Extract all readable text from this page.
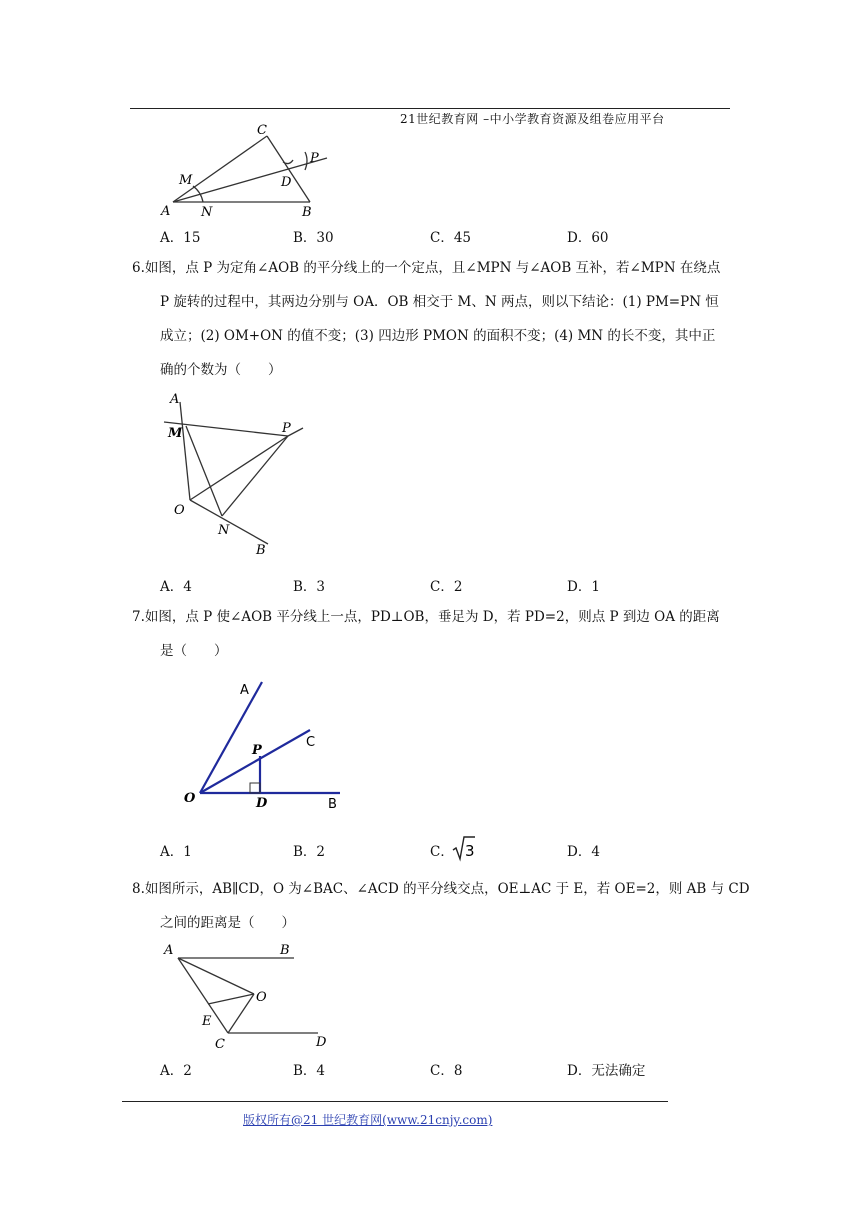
21世纪教育网 –中小学教育资源及组卷应用平台
C
M	D
P
A N	B
A．15	B．30	C．45	D．60
6.如图，点 P 为定角∠AOB 的平分线上的一个定点，且∠MPN 与∠AOB 互补，若∠MPN 在绕点
P 旋转的过程中，其两边分别与 OA．OB 相交于 M、N 两点，则以下结论：(1) PM=PN 恒
成立；(2) OM+ON 的值不变；(3) 四边形 PMON 的面积不变；(4) MN 的长不变，其中正
确的个数为（　　）
A
M	P
O
N
B
A．4	B．3	C．2	D．1
7.如图，点 P 使∠AOB 平分线上一点，PD⊥OB，垂足为 D，若 PD=2，则点 P 到边 OA 的距离
是（　　）
A
C
P
O	D	B
A．1	B．2	C． 3	D．4
8.如图所示，AB∥CD，O 为∠BAC、∠ACD 的平分线交点，OE⊥AC 于 E，若 OE=2，则 AB 与 CD
之间的距离是（　　）
A	B
O
E
C	D
A．2	B．4	C．8	D．无法确定
版权所有@21 世纪教育网(www.21cnjy.com)
